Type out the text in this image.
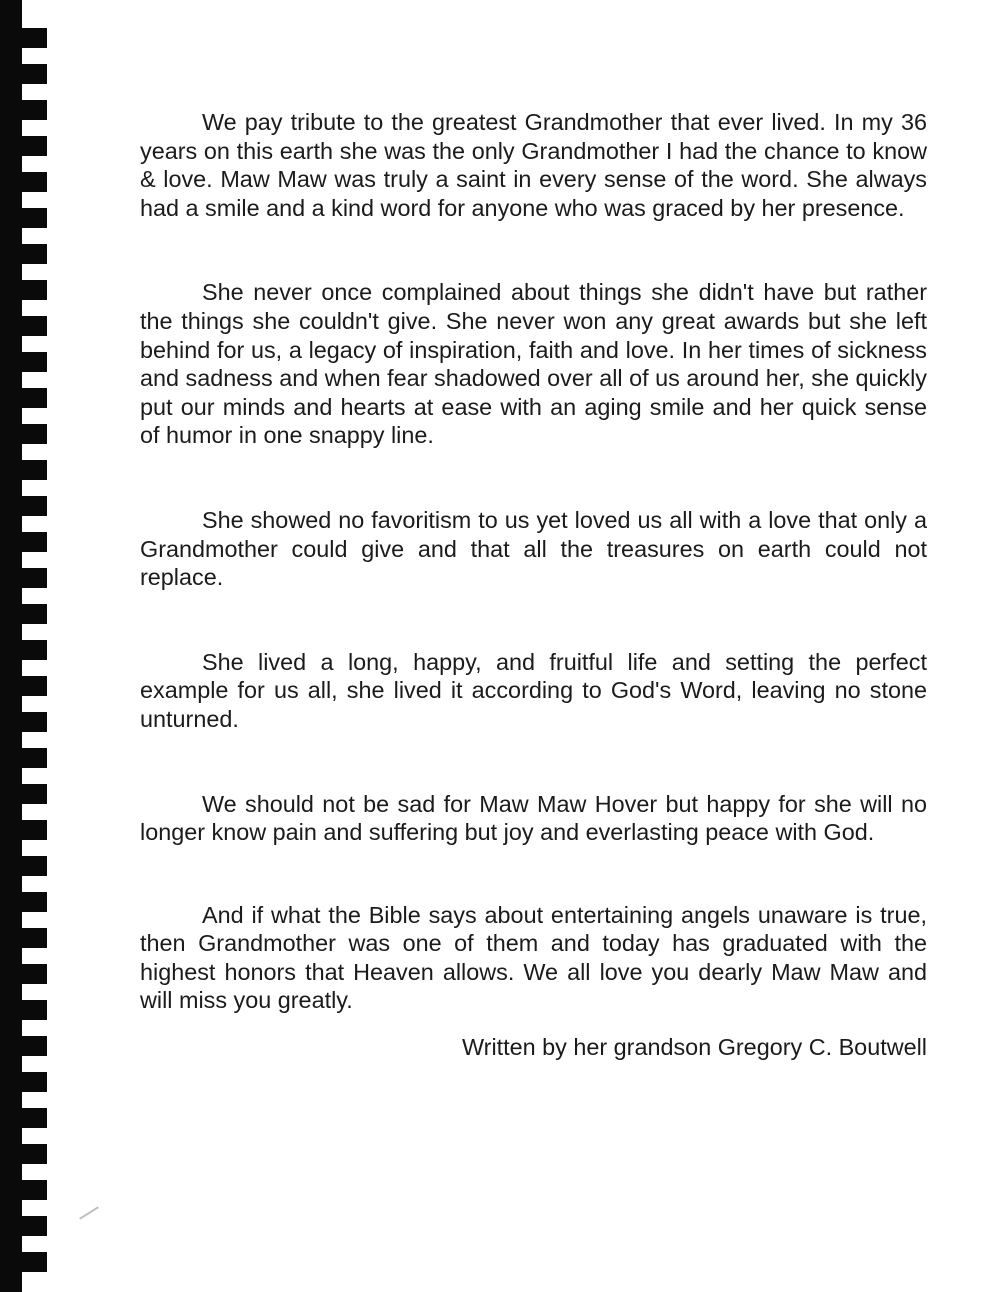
We pay tribute to the greatest Grandmother that ever lived. In my 36 years on this earth she was the only Grandmother I had the chance to know & love. Maw Maw was truly a saint in every sense of the word. She always had a smile and a kind word for anyone who was graced by her presence.

She never once complained about things she didn't have but rather the things she couldn't give. She never won any great awards but she left behind for us, a legacy of inspiration, faith and love. In her times of sickness and sadness and when fear shadowed over all of us around her, she quickly put our minds and hearts at ease with an aging smile and her quick sense of humor in one snappy line.

She showed no favoritism to us yet loved us all with a love that only a Grandmother could give and that all the treasures on earth could not replace.

She lived a long, happy, and fruitful life and setting the perfect example for us all, she lived it according to God's Word, leaving no stone unturned.

We should not be sad for Maw Maw Hover but happy for she will no longer know pain and suffering but joy and everlasting peace with God.

And if what the Bible says about entertaining angels unaware is true, then Grandmother was one of them and today has graduated with the highest honors that Heaven allows. We all love you dearly Maw Maw and will miss you greatly.

Written by her grandson Gregory C. Boutwell
